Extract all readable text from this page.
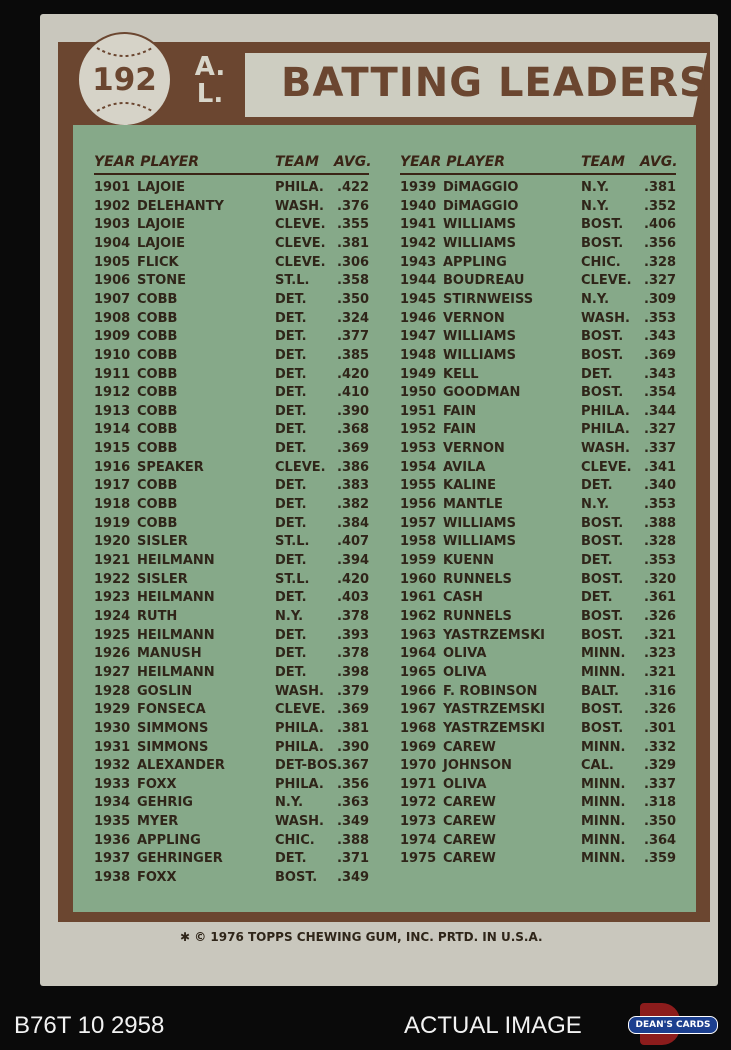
BATTING LEADERS
192	A. L.
YEAR PLAYER	TEAM AVG. YEAR PLAYER	TEAM AVG.
1901 LAJOIE	PHILA. .422
1902 DELEHANTY	WASH. .376
1903 LAJOIE	CLEVE. .355
1904 LAJOIE	CLEVE. .381
1905 FLICK	CLEVE. .306
1906 STONE	ST.L. .358
1907 COBB	DET. .350
1908 COBB	DET. .324
1909 COBB	DET. .377
1910 COBB	DET. .385
1911 COBB	DET. .420
1912 COBB	DET. .410
1913 COBB	DET. .390
1914 COBB	DET. .368
1915 COBB	DET. .369
1916 SPEAKER	CLEVE. .386
1917 COBB	DET. .383
1918 COBB	DET. .382
1919 COBB	DET. .384
1920 SISLER	ST.L. .407
1921 HEILMANN	DET. .394
1922 SISLER	ST.L. .420
1923 HEILMANN	DET. .403
1924 RUTH	N.Y.	.378
1925 HEILMANN	DET. .393
1926 MANUSH	DET. .378
1927 HEILMANN	DET. .398
1928 GOSLIN	WASH. .379
1929 FONSECA	CLEVE. .369
1930 SIMMONS	PHILA. .381
1931 SIMMONS	PHILA. .390
1932 ALEXANDER	DET-BOS .367
1933 FOXX	PHILA. .356
1934 GEHRIG	N.Y.	.363
1935 MYER	WASH. .349
1936 APPLING	CHIC. .388
1937 GEHRINGER	DET. .371
1938 FOXX	BOST. .349
1939 DiMAGGIO	N.Y.	.381
1940 DiMAGGIO	N.Y.	.352
1941 WILLIAMS	BOST. .406
1942 WILLIAMS	BOST. .356
1943 APPLING	CHIC. .328
1944 BOUDREAU	CLEVE. .327
1945 STIRNWEISS	N.Y.	.309
1946 VERNON	WASH. .353
1947 WILLIAMS	BOST. .343
1948 WILLIAMS	BOST. .369
1949 KELL	DET. .343
1950 GOODMAN	BOST. .354
1951 FAIN	PHILA. .344
1952 FAIN	PHILA. .327
1953 VERNON	WASH. .337
1954 AVILA	CLEVE. .341
1955 KALINE	DET. .340
1956 MANTLE	N.Y.	.353
1957 WILLIAMS	BOST. .388
1958 WILLIAMS	BOST. .328
1959 KUENN	DET. .353
1960 RUNNELS	BOST. .320
1961 CASH	DET. .361
1962 RUNNELS	BOST. .326
1963 YASTRZEMSKI	BOST. .321
1964 OLIVA	MINN. .323
1965 OLIVA	MINN. .321
1966 F. ROBINSON	BALT. .316
1967 YASTRZEMSKI	BOST. .326
1968 YASTRZEMSKI	BOST. .301
1969 CAREW	MINN. .332
1970 JOHNSON	CAL. .329
1971 OLIVA	MINN. .337
1972 CAREW	MINN. .318
1973 CAREW	MINN. .350
1974 CAREW	MINN. .364
1975 CAREW	MINN. .359
✱ © 1976 TOPPS CHEWING GUM, INC. PRTD. IN U.S.A.
B76T 10 2958	ACTUAL IMAGE	DEAN'S CARDS
